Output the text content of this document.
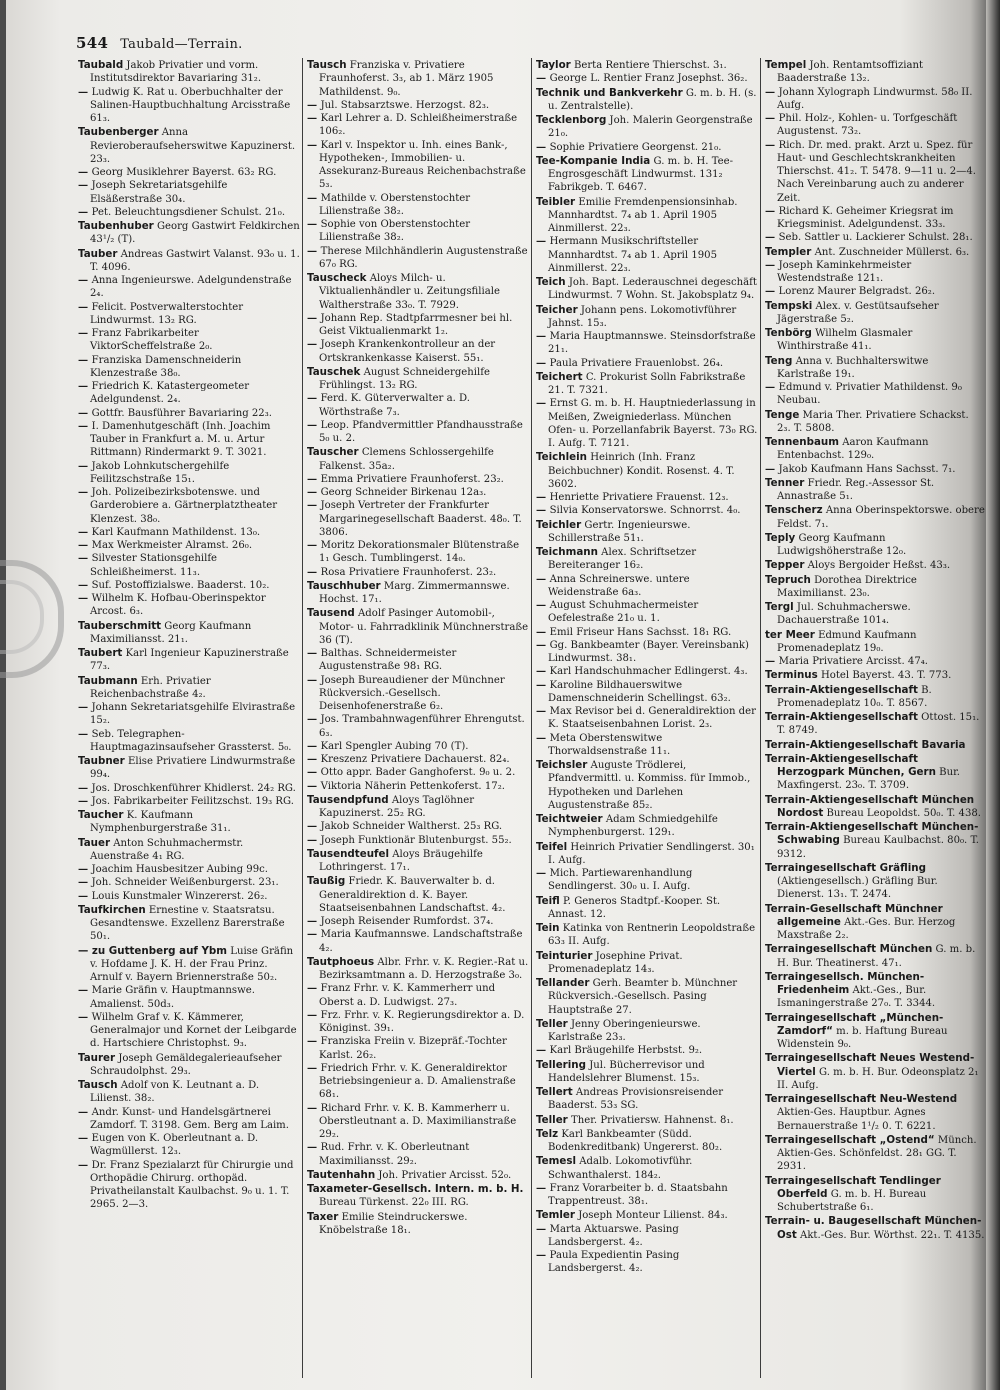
544 Taubald—Terrain.

Taubald Jakob Privatier und vorm. Institutsdirektor Bavariaring 31₂.

— Ludwig K. Rat u. Oberbuchhalter der Salinen-Hauptbuchhaltung Arcisstraße 61₃.

Taubenberger Anna Revieroberaufseherswitwe Kapuzinerst. 23₃.

— Georg Musiklehrer Bayerst. 63₂ RG.

— Joseph Sekretariatsgehilfe Elsäßerstraße 30₄.

— Pet. Beleuchtungsdiener Schulst. 21₀.

Taubenhuber Georg Gastwirt Feldkirchen 43¹/₂ (T).

Tauber Andreas Gastwirt Valanst. 93₀ u. 1. T. 4096.

— Anna Ingenieurswe. Adelgundenstraße 2₄.

— Felicit. Postverwalterstochter Lindwurmst. 13₂ RG.

— Franz Fabrikarbeiter ViktorScheffelstraße 2₀.

— Franziska Damenschneiderin Klenzestraße 38₀.

— Friedrich K. Katastergeometer Adelgundenst. 2₄.

— Gottfr. Bausführer Bavariaring 22₃.

— I. Damenhutgeschäft (Inh. Joachim Tauber in Frankfurt a. M. u. Artur Rittmann) Rindermarkt 9. T. 3021.

— Jakob Lohnkutschergehilfe Feilitzschstraße 15₁.

— Joh. Polizeibezirksbotenswe. und Garderobiere a. Gärtnerplatztheater Klenzest. 38₀.

— Karl Kaufmann Mathildenst. 13₀.

— Max Werkmeister Alramst. 26₀.

— Silvester Stationsgehilfe Schleißheimerst. 11₃.

— Suf. Postoffizialswe. Baaderst. 10₂.

— Wilhelm K. Hofbau-Oberinspektor Arcost. 6₃.

Tauberschmitt Georg Kaufmann Maximiliansst. 21₁.

Taubert Karl Ingenieur Kapuzinerstraße 77₃.

Taubmann Erh. Privatier Reichenbachstraße 4₂.

— Johann Sekretariatsgehilfe Elvirastraße 15₂.

— Seb. Telegraphen-Hauptmagazinsaufseher Grassterst. 5₀.

Taubner Elise Privatiere Lindwurmstraße 99₄.

— Jos. Droschkenführer Khidlerst. 24₂ RG.

— Jos. Fabrikarbeiter Feilitzschst. 19₃ RG.

Taucher K. Kaufmann Nymphenburgerstraße 31₁.

Tauer Anton Schuhmachermstr. Auenstraße 4₁ RG.

— Joachim Hausbesitzer Aubing 99c.

— Joh. Schneider Weißenburgerst. 23₁.

— Louis Kunstmaler Winzererst. 26₂.

Taufkirchen Ernestine v. Staatsratsu. Gesandtenswe. Exzellenz Barerstraße 50₁.

— zu Guttenberg auf Ybm Luise Gräfin v. Hofdame J. K. H. der Frau Prinz. Arnulf v. Bayern Briennerstraße 50₂.

— Marie Gräfin v. Hauptmannswe. Amalienst. 50d₃.

— Wilhelm Graf v. K. Kämmerer, Generalmajor und Kornet der Leibgarde d. Hartschiere Christophst. 9₃.

Taurer Joseph Gemäldegalerieaufseher Schraudolphst. 29₃.

Tausch Adolf von K. Leutnant a. D. Lilienst. 38₂.

— Andr. Kunst- und Handelsgärtnerei Zamdorf. T. 3198. Gem. Berg am Laim.

— Eugen von K. Oberleutnant a. D. Wagmüllerst. 12₃.

— Dr. Franz Spezialarzt für Chirurgie und Orthopädie Chirurg. orthopäd. Privatheilanstalt Kaulbachst. 9₀ u. 1. T. 2965. 2—3.

Tausch Franziska v. Privatiere Fraunhoferst. 3₃, ab 1. März 1905 Mathildenst. 9₀.

— Jul. Stabsarztswe. Herzogst. 82₃.

— Karl Lehrer a. D. Schleißheimerstraße 106₂.

— Karl v. Inspektor u. Inh. eines Bank-, Hypotheken-, Immobilien- u. Assekuranz-Bureaus Reichenbachstraße 5₃.

— Mathilde v. Oberstenstochter Lilienstraße 38₂.

— Sophie von Oberstenstochter Lilienstraße 38₂.

— Therese Milchhändlerin Augustenstraße 67₀ RG.

Tauscheck Aloys Milch- u. Viktualienhändler u. Zeitungsfiliale Waltherstraße 33₀. T. 7929.

— Johann Rep. Stadtpfarrmesner bei hl. Geist Viktualienmarkt 1₂.

— Joseph Krankenkontrolleur an der Ortskrankenkasse Kaiserst. 55₁.

Tauschek August Schneidergehilfe Frühlingst. 13₂ RG.

— Ferd. K. Güterverwalter a. D. Wörthstraße 7₃.

— Leop. Pfandvermittler Pfandhausstraße 5₀ u. 2.

Tauscher Clemens Schlossergehilfe Falkenst. 35a₂.

— Emma Privatiere Fraunhoferst. 23₂.

— Georg Schneider Birkenau 12a₃.

— Joseph Vertreter der Frankfurter Margarinegesellschaft Baaderst. 48₀. T. 3806.

— Moritz Dekorationsmaler Blütenstraße 1₁ Gesch. Tumblingerst. 14₀.

— Rosa Privatiere Fraunhoferst. 23₂.

Tauschhuber Marg. Zimmermannswe. Hochst. 17₁.

Tausend Adolf Pasinger Automobil-, Motor- u. Fahrradklinik Münchnerstraße 36 (T).

— Balthas. Schneidermeister Augustenstraße 98₁ RG.

— Joseph Bureaudiener der Münchner Rückversich.-Gesellsch. Deisenhofenerstraße 6₂.

— Jos. Trambahnwagenführer Ehrengutst. 6₃.

— Karl Spengler Aubing 70 (T).

— Kreszenz Privatiere Dachauerst. 82₄.

— Otto appr. Bader Ganghoferst. 9₀ u. 2.

— Viktoria Näherin Pettenkoferst. 17₂.

Tausendpfund Aloys Taglöhner Kapuzinerst. 25₂ RG.

— Jakob Schneider Waltherst. 25₃ RG.

— Joseph Funktionär Blutenburgst. 55₂.

Tausendteufel Aloys Bräugehilfe Lothringerst. 17₁.

Taußig Friedr. K. Bauverwalter b. d. Generaldirektion d. K. Bayer. Staatseisenbahnen Landschaftst. 4₂.

— Joseph Reisender Rumfordst. 37₄.

— Maria Kaufmannswe. Landschaftstraße 4₂.

Tautphoeus Albr. Frhr. v. K. Regier.-Rat u. Bezirksamtmann a. D. Herzogstraße 3₀.

— Franz Frhr. v. K. Kammerherr und Oberst a. D. Ludwigst. 27₃.

— Frz. Frhr. v. K. Regierungsdirektor a. D. Königinst. 39₁.

— Franziska Freiin v. Bizepräf.-Tochter Karlst. 26₂.

— Friedrich Frhr. v. K. Generaldirektor Betriebsingenieur a. D. Amalienstraße 68₁.

— Richard Frhr. v. K. B. Kammerherr u. Oberstleutnant a. D. Maximilianstraße 29₂.

— Rud. Frhr. v. K. Oberleutnant Maximiliansst. 29₂.

Tautenhahn Joh. Privatier Arcisst. 52₀.

Taxameter-Gesellsch. Intern. m. b. H. Bureau Türkenst. 22₀ III. RG.

Taxer Emilie Steindruckerswe. Knöbelstraße 18₁.

Taylor Berta Rentiere Thierschst. 3₁.

— George L. Rentier Franz Josephst. 36₂.

Technik und Bankverkehr G. m. b. H. (s. u. Zentralstelle).

Tecklenborg Joh. Malerin Georgenstraße 21₀.

— Sophie Privatiere Georgenst. 21₀.

Tee-Kompanie India G. m. b. H. Tee-Engrosgeschäft Lindwurmst. 131₂ Fabrikgeb. T. 6467.

Teibler Emilie Fremdenpensionsinhab. Mannhardtst. 7₄ ab 1. April 1905 Ainmillerst. 22₃.

— Hermann Musikschriftsteller Mannhardtst. 7₄ ab 1. April 1905 Ainmillerst. 22₃.

Teich Joh. Bapt. Lederauschnei degeschäft Lindwurmst. 7 Wohn. St. Jakobsplatz 9₄.

Teicher Johann pens. Lokomotivführer Jahnst. 15₃.

— Maria Hauptmannswe. Steinsdorfstraße 21₁.

— Paula Privatiere Frauenlobst. 26₄.

Teichert C. Prokurist Solln Fabrikstraße 21. T. 7321.

— Ernst G. m. b. H. Hauptniederlassung in Meißen, Zweigniederlass. München Ofen- u. Porzellanfabrik Bayerst. 73₀ RG. I. Aufg. T. 7121.

Teichlein Heinrich (Inh. Franz Beichbuchner) Kondit. Rosenst. 4. T. 3602.

— Henriette Privatiere Frauenst. 12₃.

— Silvia Konservatorswe. Schnorrst. 4₀.

Teichler Gertr. Ingenieurswe. Schillerstraße 51₁.

Teichmann Alex. Schriftsetzer Bereiteranger 16₂.

— Anna Schreinerswe. untere Weidenstraße 6a₃.

— August Schuhmachermeister Oefelestraße 21₀ u. 1.

— Emil Friseur Hans Sachsst. 18₁ RG.

— Gg. Bankbeamter (Bayer. Vereinsbank) Lindwurmst. 38₁.

— Karl Handschuhmacher Edlingerst. 4₃.

— Karoline Bildhauerswitwe Damenschneiderin Schellingst. 63₂.

— Max Revisor bei d. Generaldirektion der K. Staatseisenbahnen Lorist. 2₃.

— Meta Oberstenswitwe Thorwaldsenstraße 11₁.

Teichsler Auguste Trödlerei, Pfandvermittl. u. Kommiss. für Immob., Hypotheken und Darlehen Augustenstraße 85₂.

Teichtweier Adam Schmiedgehilfe Nymphenburgerst. 129₁.

Teifel Heinrich Privatier Sendlingerst. 30₁ I. Aufg.

— Mich. Partiewarenhandlung Sendlingerst. 30₀ u. I. Aufg.

Teifl P. Generos Stadtpf.-Kooper. St. Annast. 12.

Tein Katinka von Rentnerin Leopoldstraße 63₃ II. Aufg.

Teinturier Josephine Privat. Promenadeplatz 14₃.

Tellander Gerh. Beamter b. Münchner Rückversich.-Gesellsch. Pasing Hauptstraße 27.

Teller Jenny Oberingenieurswe. Karlstraße 23₃.

— Karl Bräugehilfe Herbstst. 9₂.

Tellering Jul. Bücherrevisor und Handelslehrer Blumenst. 15₃.

Tellert Andreas Provisionsreisender Baaderst. 53₃ SG.

Teller Ther. Privatiersw. Hahnenst. 8₁.

Telz Karl Bankbeamter (Südd. Bodenkreditbank) Ungererst. 80₂.

Temesl Adalb. Lokomotivführ. Schwanthalerst. 184₂.

— Franz Vorarbeiter b. d. Staatsbahn Trappentreust. 38₁.

Temler Joseph Monteur Lilienst. 84₃.

— Marta Aktuarswe. Pasing Landsbergerst. 4₂.

— Paula Expedientin Pasing Landsbergerst. 4₂.

Tempel Joh. Rentamtsoffiziant Baaderstraße 13₂.

— Johann Xylograph Lindwurmst. 58₀ II. Aufg.

— Phil. Holz-, Kohlen- u. Torfgeschäft Augustenst. 73₂.

— Rich. Dr. med. prakt. Arzt u. Spez. für Haut- und Geschlechtskrankheiten Thierschst. 41₂. T. 5478. 9—11 u. 2—4. Nach Vereinbarung auch zu anderer Zeit.

— Richard K. Geheimer Kriegsrat im Kriegsminist. Adelgundenst. 33₃.

— Seb. Sattler u. Lackierer Schulst. 28₁.

Templer Ant. Zuschneider Müllerst. 6₃.

— Joseph Kaminkehrmeister Westendstraße 121₁.

— Lorenz Maurer Belgradst. 26₂.

Tempski Alex. v. Gestütsaufseher Jägerstraße 5₂.

Tenbörg Wilhelm Glasmaler Winthirstraße 41₁.

Teng Anna v. Buchhalterswitwe Karlstraße 19₁.

— Edmund v. Privatier Mathildenst. 9₀ Neubau.

Tenge Maria Ther. Privatiere Schackst. 2₃. T. 5808.

Tennenbaum Aaron Kaufmann Entenbachst. 129₀.

— Jakob Kaufmann Hans Sachsst. 7₁.

Tenner Friedr. Reg.-Assessor St. Annastraße 5₁.

Tenscherz Anna Oberinspektorswe. obere Feldst. 7₁.

Teply Georg Kaufmann Ludwigshöherstraße 12₀.

Tepper Aloys Bergoider Heßst. 43₃.

Tepruch Dorothea Direktrice Maximilianst. 23₀.

Tergl Jul. Schuhmacherswe. Dachauerstraße 101₄.

ter Meer Edmund Kaufmann Promenadeplatz 19₀.

— Maria Privatiere Arcisst. 47₄.

Terminus Hotel Bayerst. 43. T. 773.

Terrain-Aktiengesellschaft B. Promenadeplatz 10₀. T. 8567.

Terrain-Aktiengesellschaft Ottost. 15₁. T. 8749.

Terrain-Aktiengesellschaft Bavaria

Terrain-Aktiengesellschaft Herzogpark München, Gern Bur. Maxfingerst. 23₀. T. 3709.

Terrain-Aktiengesellschaft München Nordost Bureau Leopoldst. 50₀. T. 438.

Terrain-Aktiengesellschaft München-Schwabing Bureau Kaulbachst. 80₀. T. 9312.

Terraingesellschaft Gräfling (Aktiengesellsch.) Gräfling Bur. Dienerst. 13₁. T. 2474.

Terrain-Gesellschaft Münchner allgemeine Akt.-Ges. Bur. Herzog Maxstraße 2₂.

Terraingesellschaft München G. m. b. H. Bur. Theatinerst. 47₁.

Terraingesellsch. München-Friedenheim Akt.-Ges., Bur. Ismaningerstraße 27₀. T. 3344.

Terraingesellschaft „München-Zamdorf“ m. b. Haftung Bureau Widenstein 9₀.

Terraingesellschaft Neues Westend-Viertel G. m. b. H. Bur. Odeonsplatz 2₁ II. Aufg.

Terraingesellschaft Neu-Westend Aktien-Ges. Hauptbur. Agnes Bernauerstraße 1¹/₂ 0. T. 6221.

Terraingesellschaft „Ostend“ Münch. Aktien-Ges. Schönfeldst. 28₁ GG. T. 2931.

Terraingesellschaft Tendlinger Oberfeld G. m. b. H. Bureau Schubertstraße 6₁.

Terrain- u. Baugesellschaft München-Ost Akt.-Ges. Bur. Wörthst. 22₁. T. 4135.
